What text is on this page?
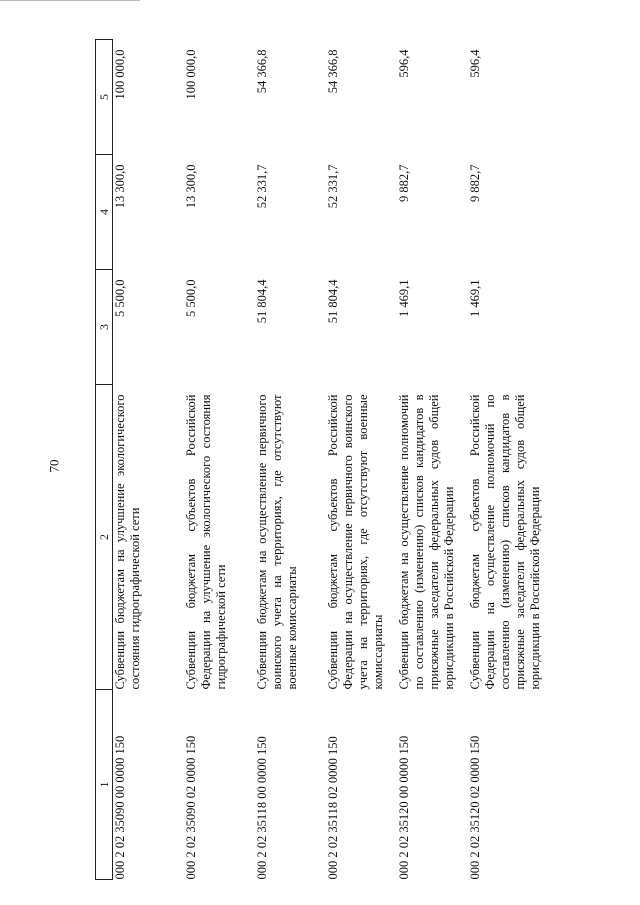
70
1	2	3	4	5
000 2 02 35090 00 0000 150	Субвенции бюджетам на улучшение экологического состояния гидрографической сети	5 500,0	13 300,0	100 000,0
000 2 02 35090 02 0000 150	Субвенции бюджетам субъектов Российской Федерации на улучшение экологического состояния гидрографической сети	5 500,0	13 300,0	100 000,0
000 2 02 35118 00 0000 150	Субвенции бюджетам на осуществление первичного воинского учета на территориях, где отсутствуют военные комиссариаты	51 804,4	52 331,7	54 366,8
000 2 02 35118 02 0000 150	Субвенции бюджетам субъектов Российской Федерации на осуществление первичного воинского учета на территориях, где отсутствуют военные комиссариаты	51 804,4	52 331,7	54 366,8
000 2 02 35120 00 0000 150	Субвенции бюджетам на осуществление полномочий по составлению (изменению) списков кандидатов в присяжные заседатели федеральных судов общей юрисдикции в Российской Федерации	1 469,1	9 882,7	596,4
000 2 02 35120 02 0000 150	Субвенции бюджетам субъектов Российской Федерации на осуществление полномочий по составлению (изменению) списков кандидатов в присяжные заседатели федеральных судов общей юрисдикции в Российской Федерации	1 469,1	9 882,7	596,4
